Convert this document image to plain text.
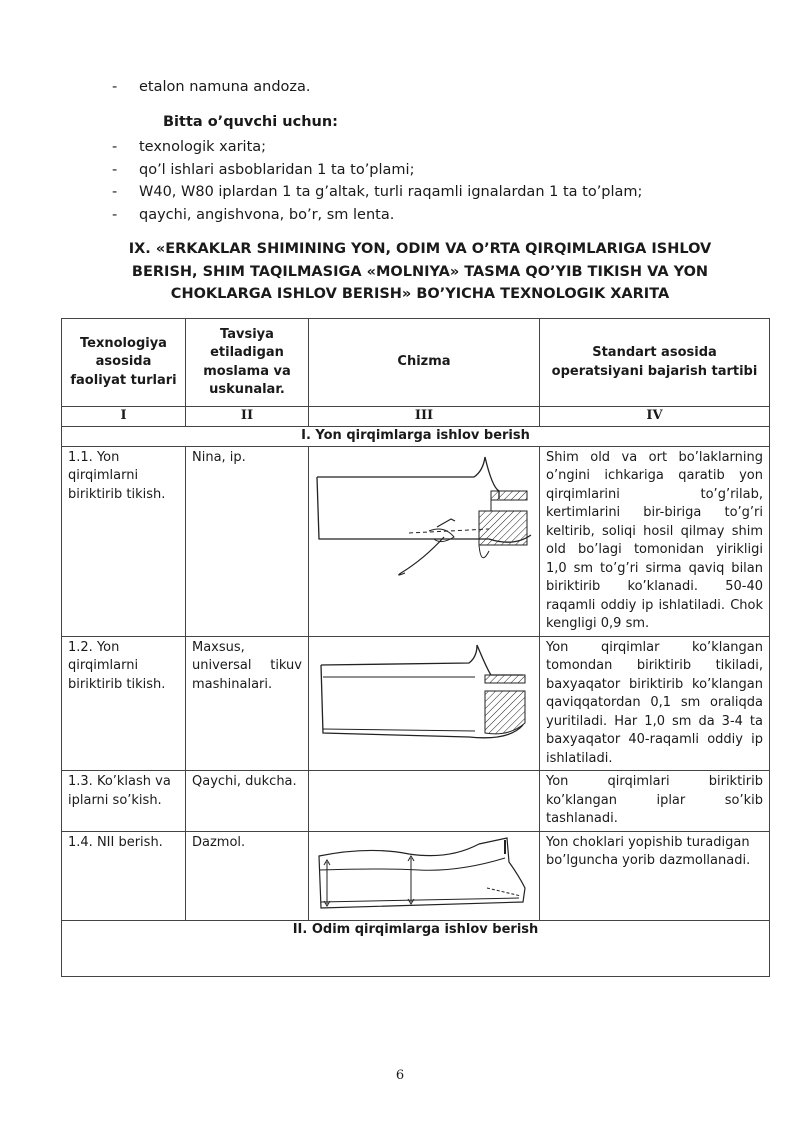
- etalon namuna andoza.
Bitta o’quvchi uchun:
- texnologik xarita;
- qo’l ishlari asboblaridan 1 ta to’plami;
- W40, W80 iplardan 1 ta g’altak, turli raqamli ignalardan 1 ta to’plam;
- qaychi, angishvona, bo’r, sm lenta.
IX. «ERKAKLAR SHIMINING YON, ODIM VA O’RTA QIRQIMLARIGA ISHLOV BERISH, SHIM TAQILMASIGA «MOLNIYA» TASMA QO’YIB TIKISH VA YON CHOKLARGA ISHLOV BERISH» BO’YICHA TEXNOLOGIK XARITA
Texnologiya asosida faoliyat turlari	Tavsiya etiladigan moslama va uskunalar.	Chizma	Standart asosida operatsiyani bajarish tartibi
I	II	III	IV
I. Yon qirqimlarga ishlov berish			
1.1. Yon qirqimlarni biriktirib tikish.	Nina, ip.		Shim old va ort bo’laklarning o’ngini ichkariga qaratib yon qirqimlarini to’g’rilab, kertimlarini bir-biriga to’g’ri keltirib, soliqi hosil qilmay shim old bo’lagi tomonidan yirikligi 1,0 sm to’g’ri sirma qaviq bilan biriktirib ko’klanadi. 50-40 raqamli oddiy ip ishlatiladi. Chok kengligi 0,9 sm.
1.2. Yon qirqimlarni biriktirib tikish.	Maxsus, universal tikuv mashinalari.		Yon qirqimlar ko’klangan tomondan biriktirib tikiladi, baxyaqator biriktirib ko’klangan qaviqqatordan 0,1 sm oraliqda yuritiladi. Har 1,0 sm da 3-4 ta baxyaqator 40-raqamli oddiy ip ishlatiladi.
1.3. Ko’klash va iplarni so’kish.	Qaychi, dukcha.		Yon qirqimlari biriktirib ko’klangan iplar so’kib tashlanadi.
1.4. NII berish.	Dazmol.		Yon choklari yopishib turadigan bo’lguncha yorib dazmollanadi.
II. Odim qirqimlarga ishlov berish			
6
